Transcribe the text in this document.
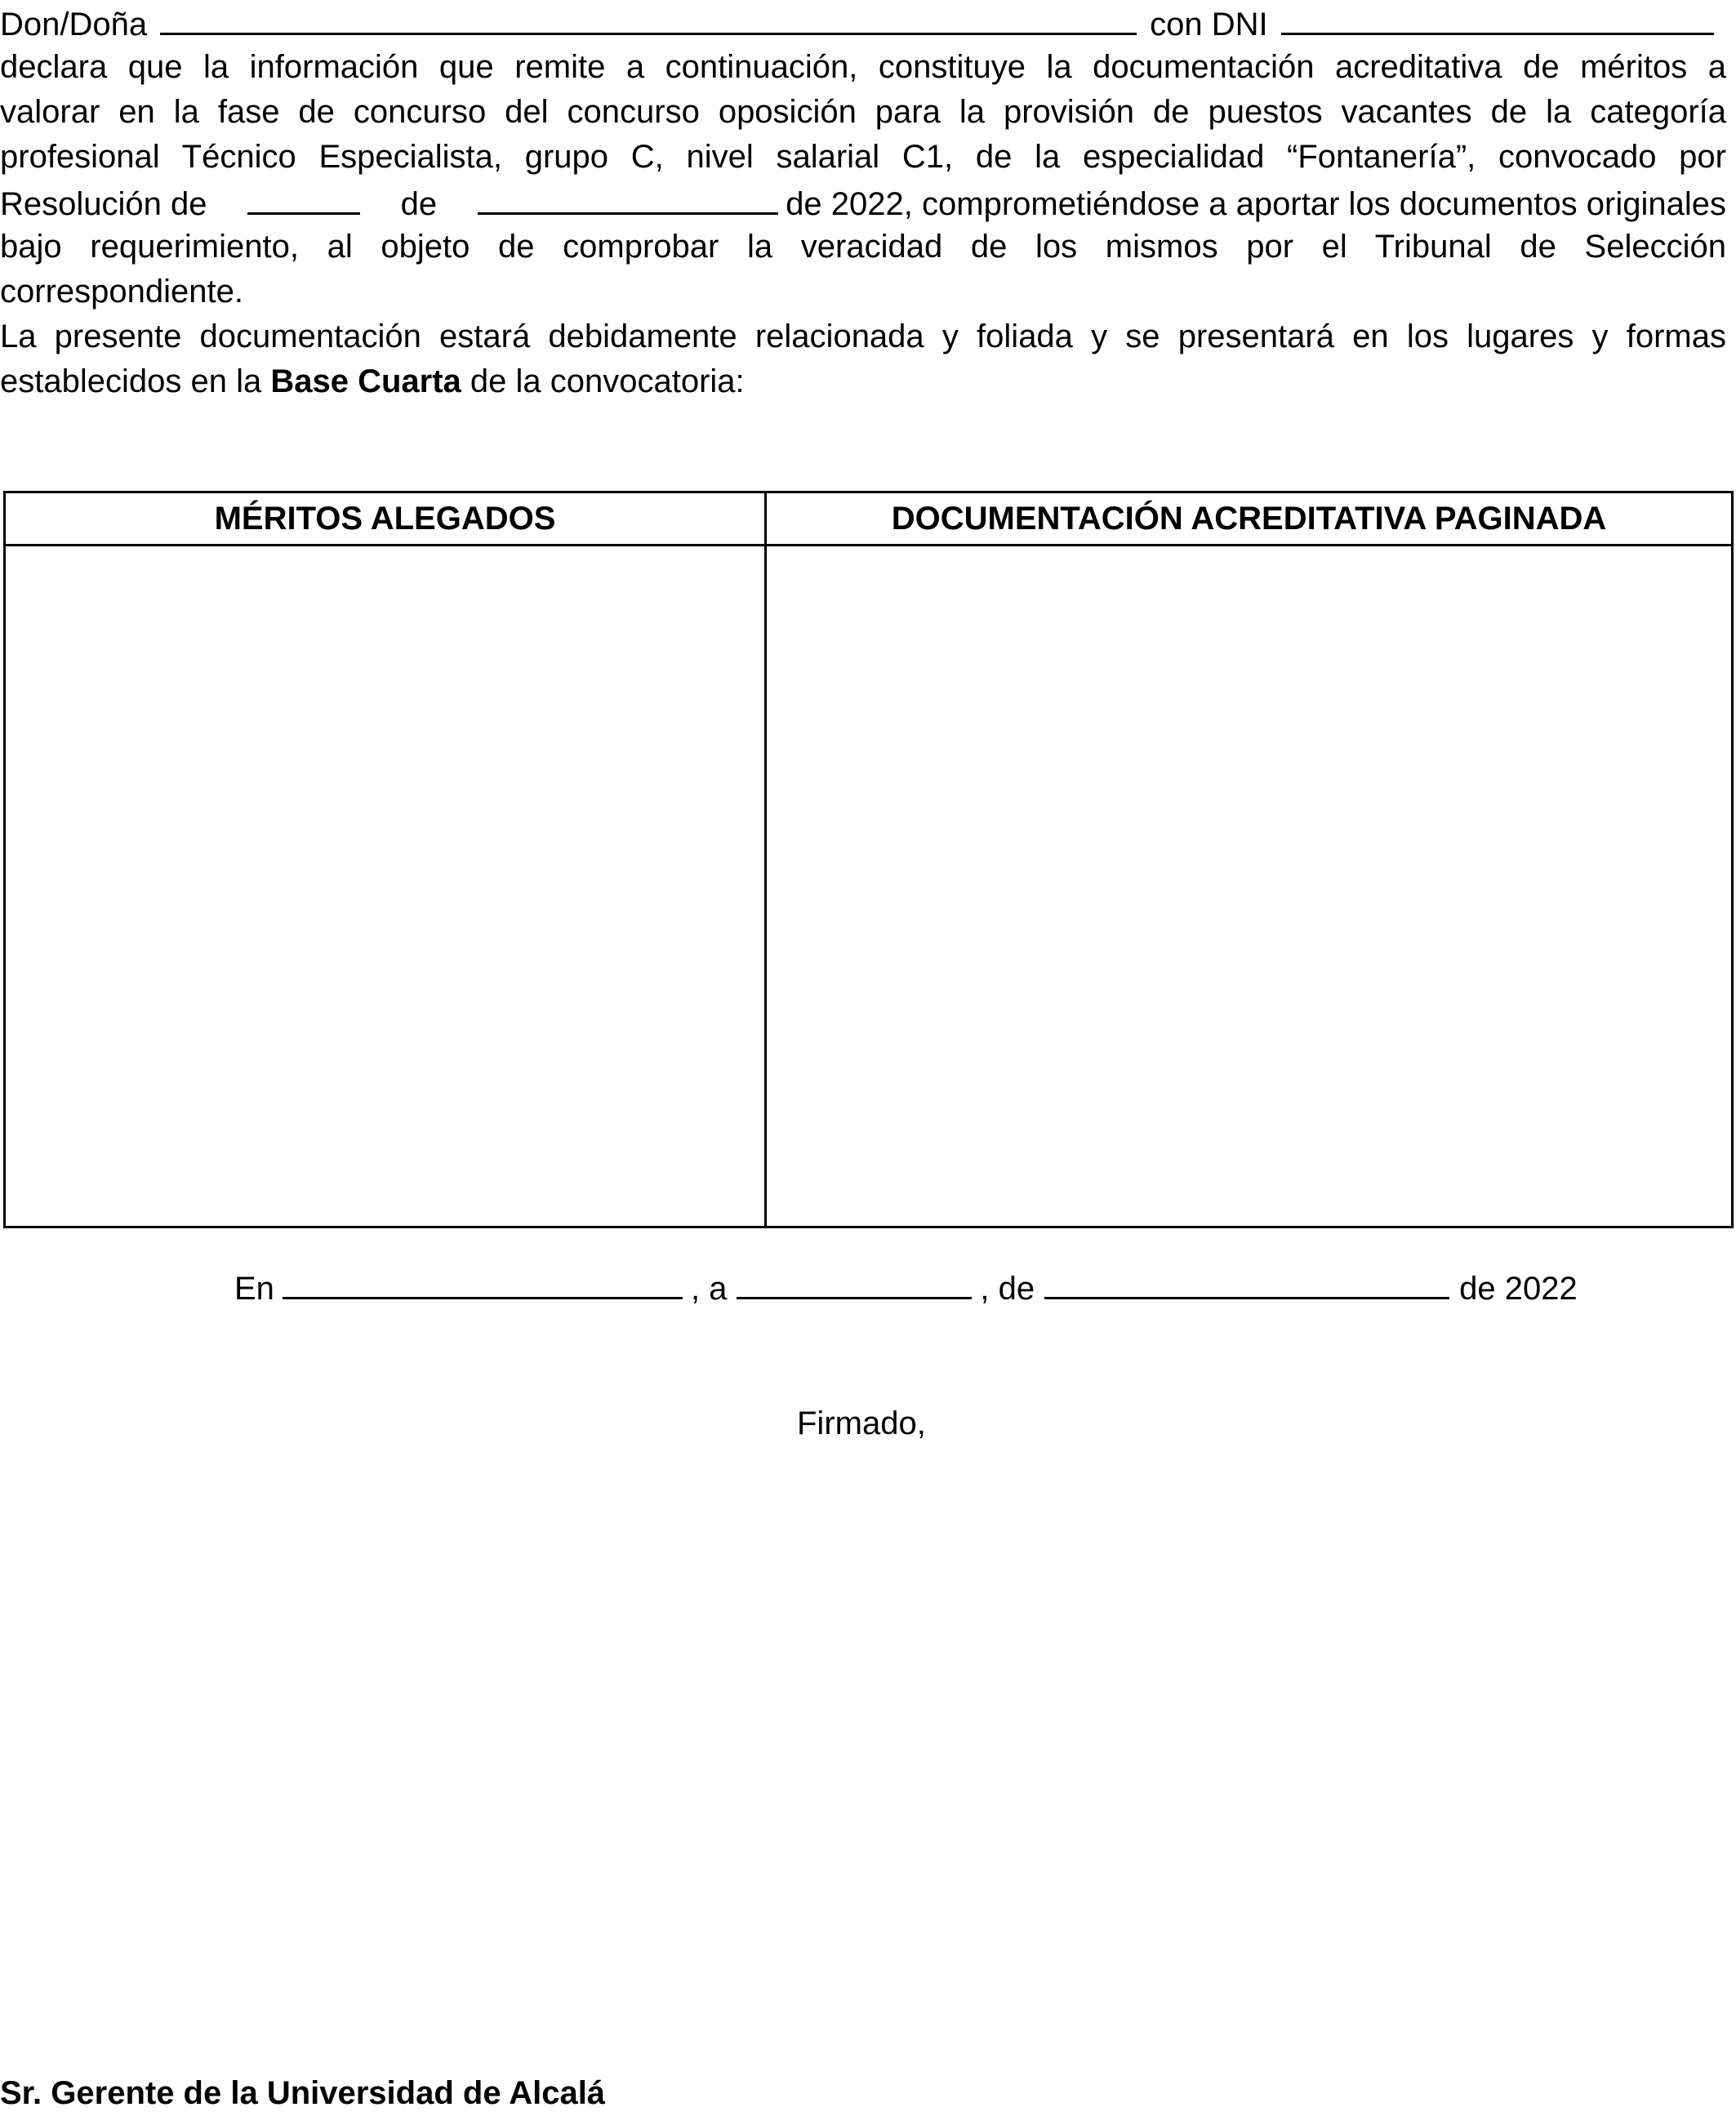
Don/Doña	con DNI
declara que la información que remite a continuación, constituye la documentación acreditativa de méritos a
valorar en la fase de concurso del concurso oposición para la provisión de puestos vacantes de la categoría
profesional Técnico Especialista, grupo C, nivel salarial C1, de la especialidad “Fontanería”, convocado por
Resolución de	de	de 2022, comprometiéndose a aportar los documentos originales
bajo requerimiento, al objeto de comprobar la veracidad de los mismos por el Tribunal de Selección
correspondiente.
La presente documentación estará debidamente relacionada y foliada y se presentará en los lugares y formas
establecidos en la Base Cuarta de la convocatoria:
MÉRITOS ALEGADOS	DOCUMENTACIÓN ACREDITATIVA PAGINADA

En	, a	, de	de 2022
Firmado,
Sr. Gerente de la Universidad de Alcalá
